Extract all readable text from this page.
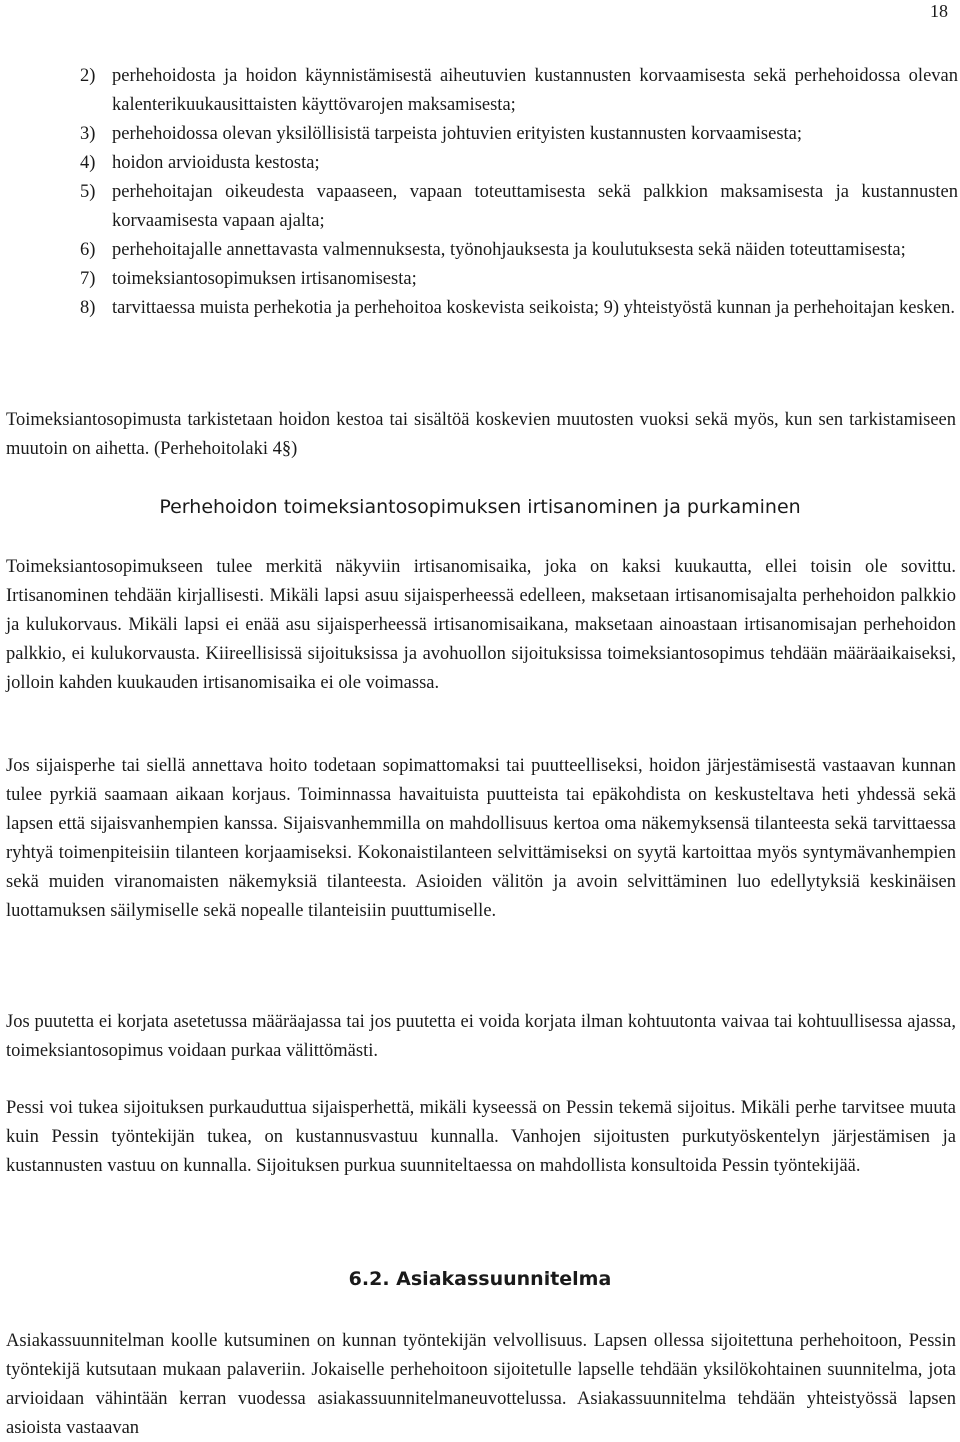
18
2) perhehoidosta ja hoidon käynnistämisestä aiheutuvien kustannusten korvaamisesta sekä perhehoidossa olevan kalenterikuukausittaisten käyttövarojen maksamisesta;
3) perhehoidossa olevan yksilöllisistä tarpeista johtuvien erityisten kustannusten korvaamisesta;
4) hoidon arvioidusta kestosta;
5) perhehoitajan oikeudesta vapaaseen, vapaan toteuttamisesta sekä palkkion maksamisesta ja kustannusten korvaamisesta vapaan ajalta;
6) perhehoitajalle annettavasta valmennuksesta, työnohjauksesta ja koulutuksesta sekä näiden toteuttamisesta;
7) toimeksiantosopimuksen irtisanomisesta;
8) tarvittaessa muista perhekotia ja perhehoitoa koskevista seikoista; 9) yhteistyöstä kunnan ja perhehoitajan kesken.

Toimeksiantosopimusta tarkistetaan hoidon kestoa tai sisältöä koskevien muutosten vuoksi sekä myös, kun sen tarkistamiseen muutoin on aihetta. (Perhehoitolaki 4§)

Perhehoidon toimeksiantosopimuksen irtisanominen ja purkaminen

Toimeksiantosopimukseen tulee merkitä näkyviin irtisanomisaika, joka on kaksi kuukautta, ellei toisin ole sovittu. Irtisanominen tehdään kirjallisesti. Mikäli lapsi asuu sijaisperheessä edelleen, maksetaan irtisanomisajalta perhehoidon palkkio ja kulukorvaus. Mikäli lapsi ei enää asu sijaisperheessä irtisanomisaikana, maksetaan ainoastaan irtisanomisajan perhehoidon palkkio, ei kulukorvausta. Kiireellisissä sijoituksissa ja avohuollon sijoituksissa toimeksiantosopimus tehdään määräaikaiseksi, jolloin kahden kuukauden irtisanomisaika ei ole voimassa.

Jos sijaisperhe tai siellä annettava hoito todetaan sopimattomaksi tai puutteelliseksi, hoidon järjestämisestä vastaavan kunnan tulee pyrkiä saamaan aikaan korjaus. Toiminnassa havaituista puutteista tai epäkohdista on keskusteltava heti yhdessä sekä lapsen että sijaisvanhempien kanssa. Sijaisvanhemmilla on mahdollisuus kertoa oma näkemyksensä tilanteesta sekä tarvittaessa ryhtyä toimenpiteisiin tilanteen korjaamiseksi. Kokonaistilanteen selvittämiseksi on syytä kartoittaa myös syntymävanhempien sekä muiden viranomaisten näkemyksiä tilanteesta. Asioiden välitön ja avoin selvittäminen luo edellytyksiä keskinäisen luottamuksen säilymiselle sekä nopealle tilanteisiin puuttumiselle.

Jos puutetta ei korjata asetetussa määräajassa tai jos puutetta ei voida korjata ilman kohtuutonta vaivaa tai kohtuullisessa ajassa, toimeksiantosopimus voidaan purkaa välittömästi.

Pessi voi tukea sijoituksen purkauduttua sijaisperhettä, mikäli kyseessä on Pessin tekemä sijoitus. Mikäli perhe tarvitsee muuta kuin Pessin työntekijän tukea, on kustannusvastuu kunnalla. Vanhojen sijoitusten purkutyöskentelyn järjestämisen ja kustannusten vastuu on kunnalla. Sijoituksen purkua suunniteltaessa on mahdollista konsultoida Pessin työntekijää.

6.2. Asiakassuunnitelma

Asiakassuunnitelman koolle kutsuminen on kunnan työntekijän velvollisuus. Lapsen ollessa sijoitettuna perhehoitoon, Pessin työntekijä kutsutaan mukaan palaveriin. Jokaiselle perhehoitoon sijoitetulle lapselle tehdään yksilökohtainen suunnitelma, jota arvioidaan vähintään kerran vuodessa asiakassuunnitelmaneuvottelussa. Asiakassuunnitelma tehdään yhteistyössä lapsen asioista vastaavan
